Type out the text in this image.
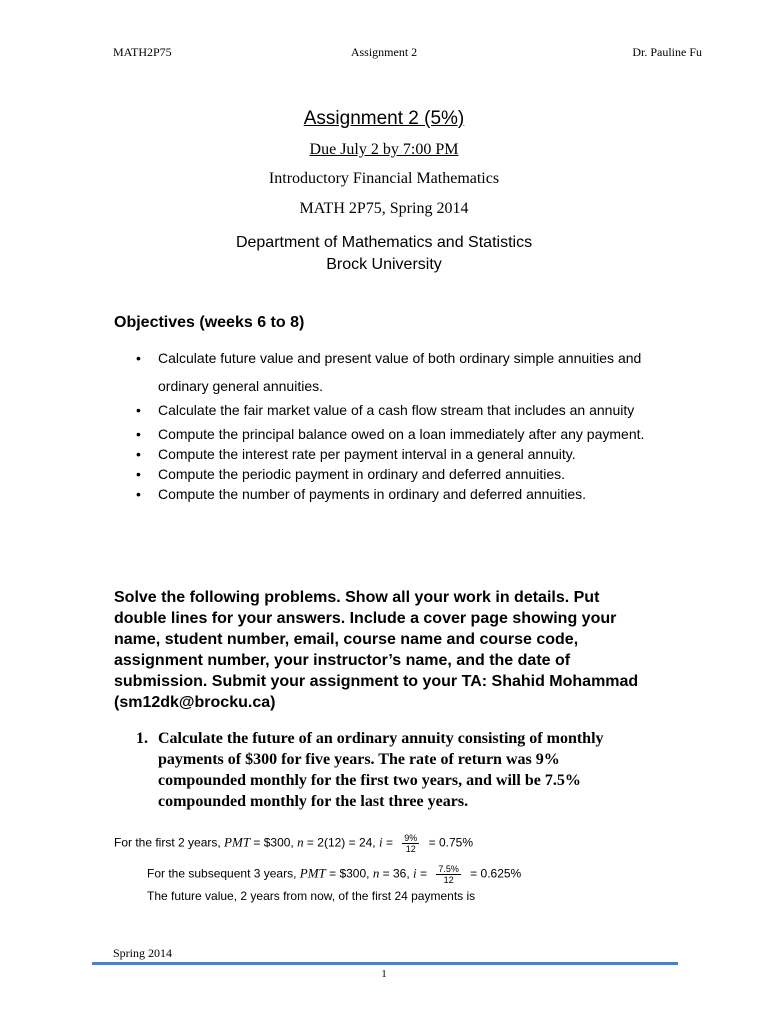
MATH2P75	Assignment 2	Dr. Pauline Fu
Assignment 2 (5%)
Due July 2 by 7:00 PM
Introductory Financial Mathematics
MATH 2P75, Spring 2014
Department of Mathematics and Statistics
Brock University
Objectives (weeks 6 to 8)
• Calculate future value and present value of both ordinary simple annuities and ordinary general annuities.
• Calculate the fair market value of a cash flow stream that includes an annuity
• Compute the principal balance owed on a loan immediately after any payment.
• Compute the interest rate per payment interval in a general annuity.
• Compute the periodic payment in ordinary and deferred annuities.
• Compute the number of payments in ordinary and deferred annuities.
Solve the following problems. Show all your work in details. Put double lines for your answers. Include a cover page showing your name, student number, email, course name and course code, assignment number, your instructor’s name, and the date of submission. Submit your assignment to your TA: Shahid Mohammad (sm12dk@brocku.ca)
1. Calculate the future of an ordinary annuity consisting of monthly payments of $300 for five years. The rate of return was 9% compounded monthly for the first two years, and will be 7.5% compounded monthly for the last three years.
For the first 2 years, PMT = $300, n = 2(12) = 24, $i = \frac{9\%}{12} = 0.75\%$
For the subsequent 3 years, PMT = $300, n = 36, $i = \frac{7.5\%}{12} = 0.625\%$
The future value, 2 years from now, of the first 24 payments is
Spring 2014
1
